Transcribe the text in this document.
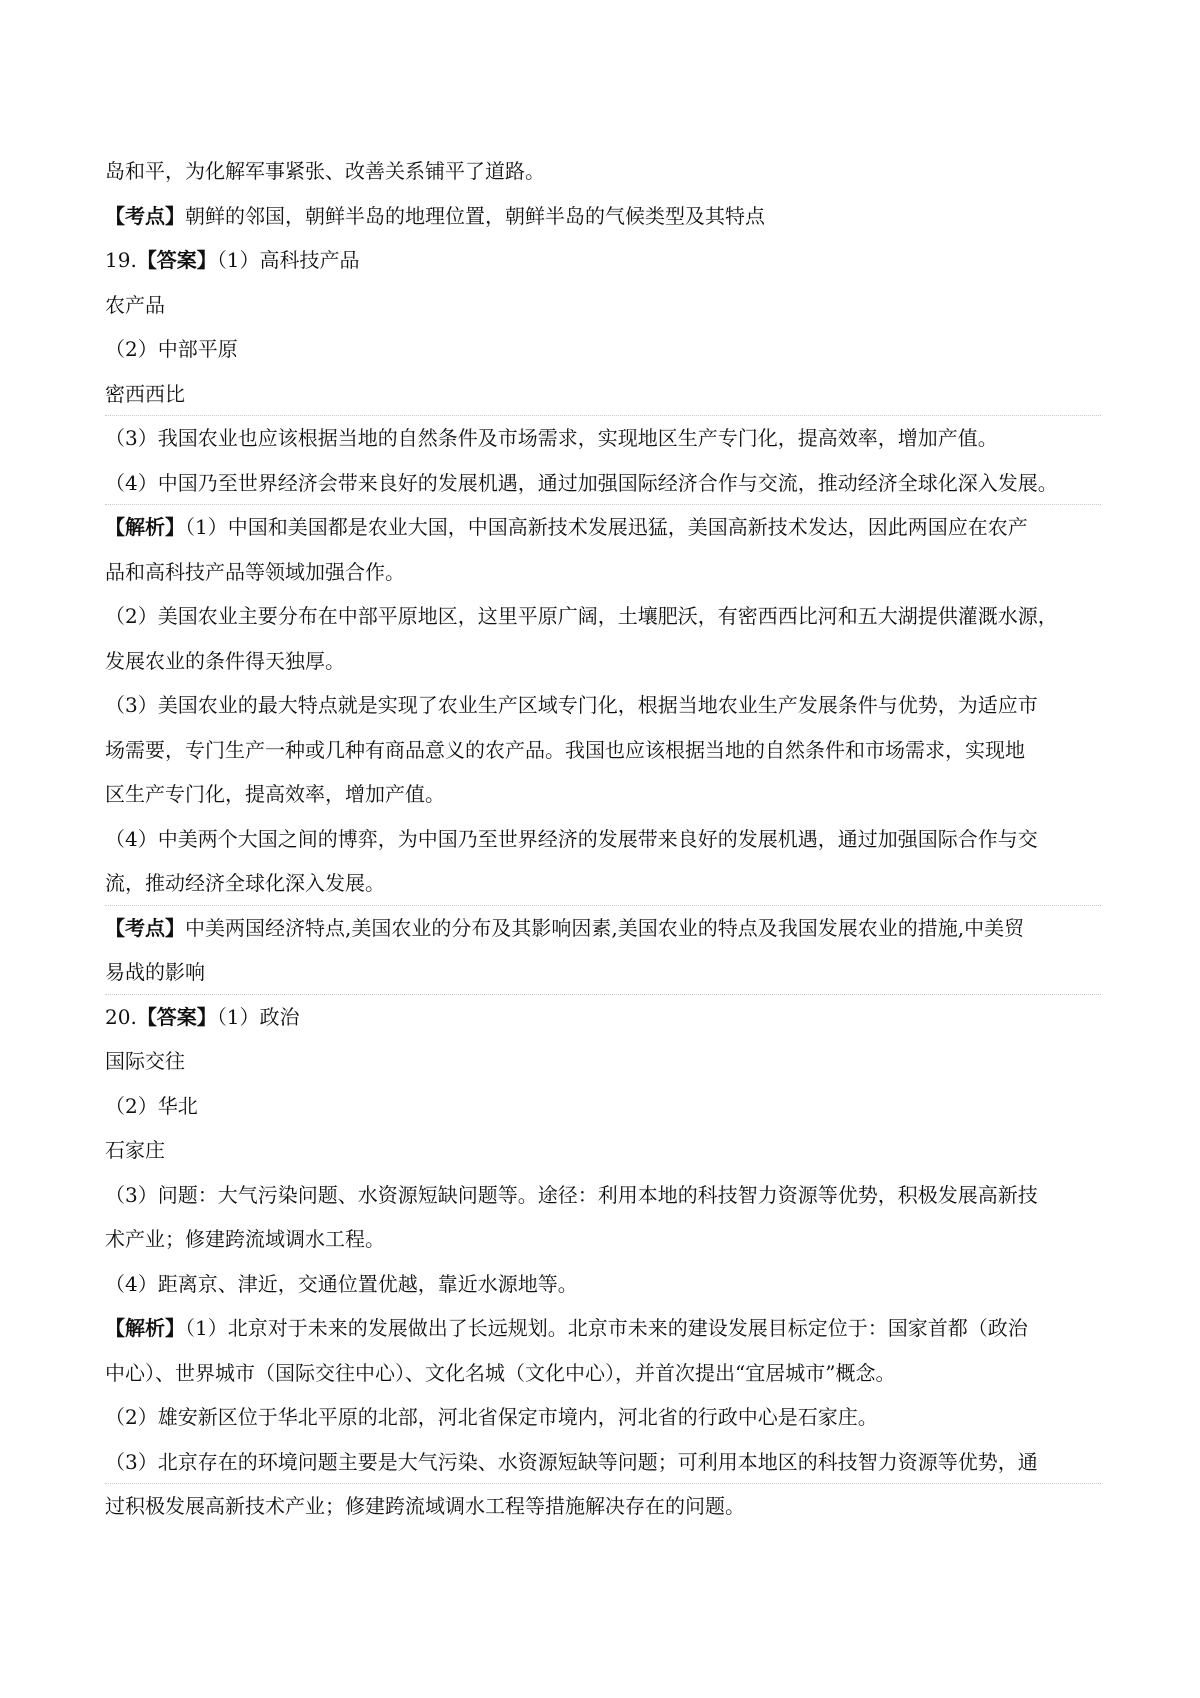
岛和平，为化解军事紧张、改善关系铺平了道路。
【考点】朝鲜的邻国，朝鲜半岛的地理位置，朝鲜半岛的气候类型及其特点
19.【答案】（1）高科技产品
农产品
（2）中部平原
密西西比
（3）我国农业也应该根据当地的自然条件及市场需求，实现地区生产专门化，提高效率，增加产值。
（4）中国乃至世界经济会带来良好的发展机遇，通过加强国际经济合作与交流，推动经济全球化深入发展。
【解析】（1）中国和美国都是农业大国，中国高新技术发展迅猛，美国高新技术发达，因此两国应在农产
品和高科技产品等领域加强合作。
（2）美国农业主要分布在中部平原地区，这里平原广阔，土壤肥沃，有密西西比河和五大湖提供灌溉水源，
发展农业的条件得天独厚。
（3）美国农业的最大特点就是实现了农业生产区域专门化，根据当地农业生产发展条件与优势，为适应市
场需要，专门生产一种或几种有商品意义的农产品。我国也应该根据当地的自然条件和市场需求，实现地
区生产专门化，提高效率，增加产值。
（4）中美两个大国之间的博弈，为中国乃至世界经济的发展带来良好的发展机遇，通过加强国际合作与交
流，推动经济全球化深入发展。
【考点】中美两国经济特点,美国农业的分布及其影响因素,美国农业的特点及我国发展农业的措施,中美贸
易战的影响
20.【答案】（1）政治
国际交往
（2）华北
石家庄
（3）问题：大气污染问题、水资源短缺问题等。途径：利用本地的科技智力资源等优势，积极发展高新技
术产业；修建跨流域调水工程。
（4）距离京、津近，交通位置优越，靠近水源地等。
【解析】（1）北京对于未来的发展做出了长远规划。北京市未来的建设发展目标定位于：国家首都（政治
中心）、世界城市（国际交往中心）、文化名城（文化中心），并首次提出“宜居城市”概念。
（2）雄安新区位于华北平原的北部，河北省保定市境内，河北省的行政中心是石家庄。
（3）北京存在的环境问题主要是大气污染、水资源短缺等问题；可利用本地区的科技智力资源等优势，通
过积极发展高新技术产业；修建跨流域调水工程等措施解决存在的问题。
